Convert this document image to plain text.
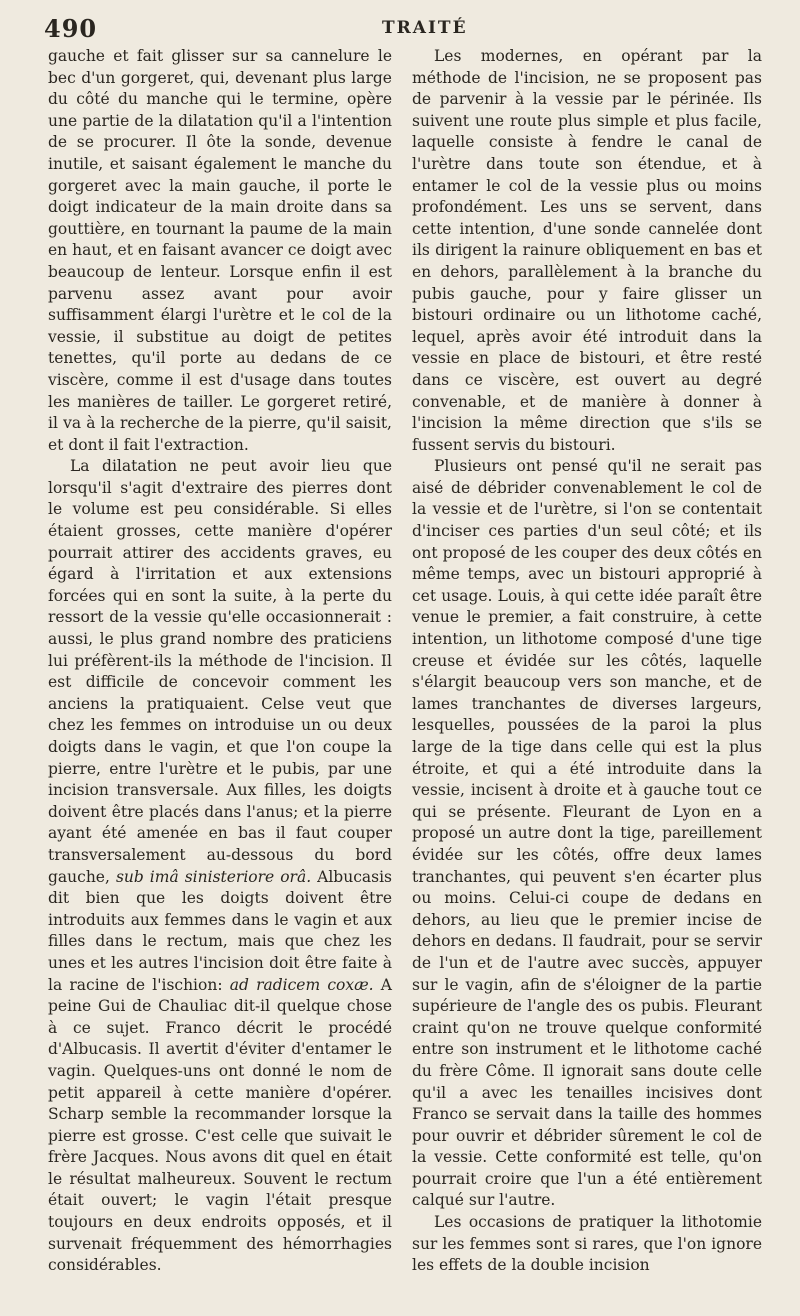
490	TRAITÉ

gauche et fait glisser sur sa cannelure le bec d'un gorgeret, qui, devenant plus large du côté du manche qui le termine, opère une partie de la dilatation qu'il a l'intention de se procurer. Il ôte la sonde, devenue inutile, et saisant également le manche du gorgeret avec la main gauche, il porte le doigt indicateur de la main droite dans sa gouttière, en tournant la paume de la main en haut, et en faisant avancer ce doigt avec beaucoup de lenteur. Lorsque enfin il est parvenu assez avant pour avoir suffisamment élargi l'urètre et le col de la vessie, il substitue au doigt de petites tenettes, qu'il porte au dedans de ce viscère, comme il est d'usage dans toutes les manières de tailler. Le gorgeret retiré, il va à la recherche de la pierre, qu'il saisit, et dont il fait l'extraction.

La dilatation ne peut avoir lieu que lorsqu'il s'agit d'extraire des pierres dont le volume est peu considérable. Si elles étaient grosses, cette manière d'opérer pourrait attirer des accidents graves, eu égard à l'irritation et aux extensions forcées qui en sont la suite, à la perte du ressort de la vessie qu'elle occasionnerait : aussi, le plus grand nombre des praticiens lui préfèrent-ils la méthode de l'incision. Il est difficile de concevoir comment les anciens la pratiquaient. Celse veut que chez les femmes on introduise un ou deux doigts dans le vagin, et que l'on coupe la pierre, entre l'urètre et le pubis, par une incision transversale. Aux filles, les doigts doivent être placés dans l'anus; et la pierre ayant été amenée en bas il faut couper transversalement au-dessous du bord gauche, sub imâ sinisteriore orâ. Albucasis dit bien que les doigts doivent être introduits aux femmes dans le vagin et aux filles dans le rectum, mais que chez les unes et les autres l'incision doit être faite à la racine de l'ischion: ad radicem coxæ. A peine Gui de Chauliac dit-il quelque chose à ce sujet. Franco décrit le procédé d'Albucasis. Il avertit d'éviter d'entamer le vagin. Quelques-uns ont donné le nom de petit appareil à cette manière d'opérer. Scharp semble la recommander lorsque la pierre est grosse. C'est celle que suivait le frère Jacques. Nous avons dit quel en était le résultat malheureux. Souvent le rectum était ouvert; le vagin l'était presque toujours en deux endroits opposés, et il survenait fréquemment des hémorrhagies considérables.

Les modernes, en opérant par la méthode de l'incision, ne se proposent pas de parvenir à la vessie par le périnée. Ils suivent une route plus simple et plus facile, laquelle consiste à fendre le canal de l'urètre dans toute son étendue, et à entamer le col de la vessie plus ou moins profondément. Les uns se servent, dans cette intention, d'une sonde cannelée dont ils dirigent la rainure obliquement en bas et en dehors, parallèlement à la branche du pubis gauche, pour y faire glisser un bistouri ordinaire ou un lithotome caché, lequel, après avoir été introduit dans la vessie en place de bistouri, et être resté dans ce viscère, est ouvert au degré convenable, et de manière à donner à l'incision la même direction que s'ils se fussent servis du bistouri.

Plusieurs ont pensé qu'il ne serait pas aisé de débrider convenablement le col de la vessie et de l'urètre, si l'on se contentait d'inciser ces parties d'un seul côté; et ils ont proposé de les couper des deux côtés en même temps, avec un bistouri approprié à cet usage. Louis, à qui cette idée paraît être venue le premier, a fait construire, à cette intention, un lithotome composé d'une tige creuse et évidée sur les côtés, laquelle s'élargit beaucoup vers son manche, et de lames tranchantes de diverses largeurs, lesquelles, poussées de la paroi la plus large de la tige dans celle qui est la plus étroite, et qui a été introduite dans la vessie, incisent à droite et à gauche tout ce qui se présente. Fleurant de Lyon en a proposé un autre dont la tige, pareillement évidée sur les côtés, offre deux lames tranchantes, qui peuvent s'en écarter plus ou moins. Celui-ci coupe de dedans en dehors, au lieu que le premier incise de dehors en dedans. Il faudrait, pour se servir de l'un et de l'autre avec succès, appuyer sur le vagin, afin de s'éloigner de la partie supérieure de l'angle des os pubis. Fleurant craint qu'on ne trouve quelque conformité entre son instrument et le lithotome caché du frère Côme. Il ignorait sans doute celle qu'il a avec les tenailles incisives dont Franco se servait dans la taille des hommes pour ouvrir et débrider sûrement le col de la vessie. Cette conformité est telle, qu'on pourrait croire que l'un a été entièrement calqué sur l'autre.

Les occasions de pratiquer la lithotomie sur les femmes sont si rares, que l'on ignore les effets de la double incision
